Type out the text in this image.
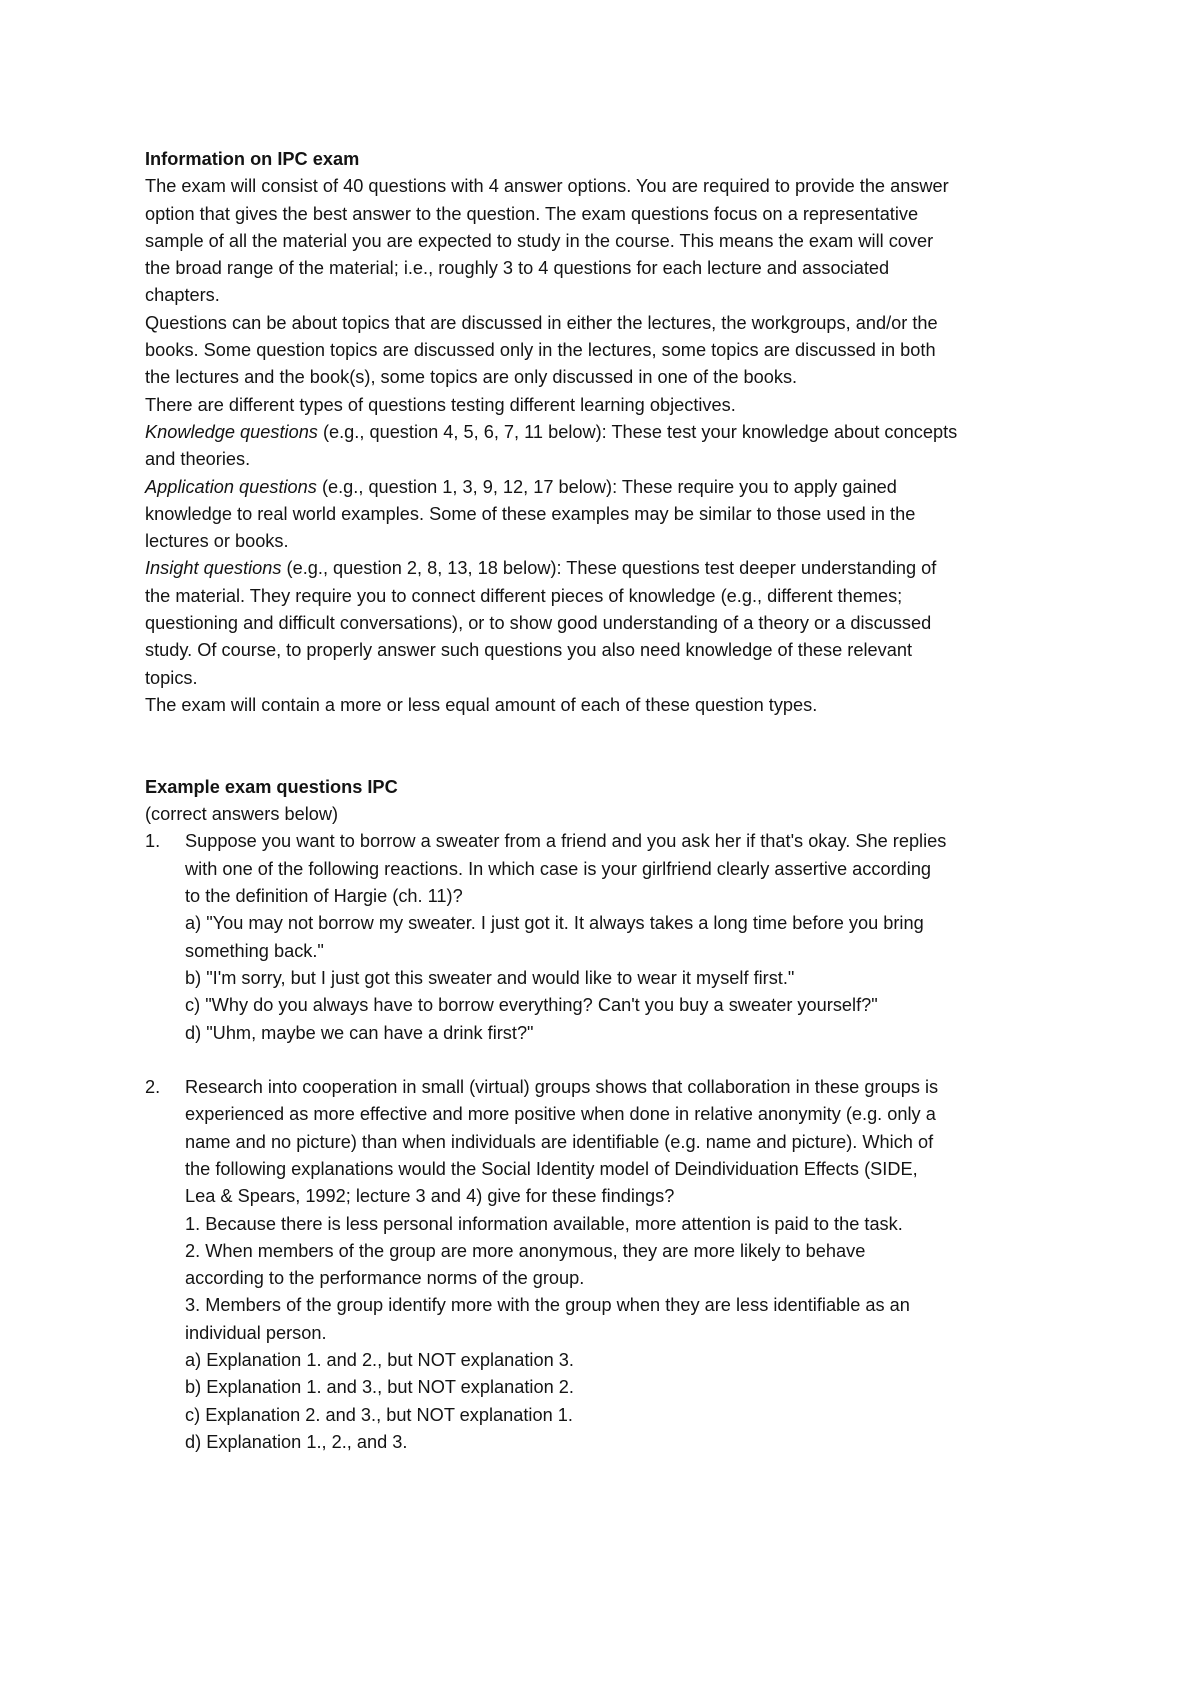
Information on IPC exam
The exam will consist of 40 questions with 4 answer options. You are required to provide the answer
option that gives the best answer to the question. The exam questions focus on a representative
sample of all the material you are expected to study in the course. This means the exam will cover
the broad range of the material; i.e., roughly 3 to 4 questions for each lecture and associated
chapters.
Questions can be about topics that are discussed in either the lectures, the workgroups, and/or the
books. Some question topics are discussed only in the lectures, some topics are discussed in both
the lectures and the book(s), some topics are only discussed in one of the books.
There are different types of questions testing different learning objectives.
Knowledge questions (e.g., question 4, 5, 6, 7, 11 below): These test your knowledge about concepts
and theories.
Application questions (e.g., question 1, 3, 9, 12, 17 below): These require you to apply gained
knowledge to real world examples. Some of these examples may be similar to those used in the
lectures or books.
Insight questions (e.g., question 2, 8, 13, 18 below): These questions test deeper understanding of
the material. They require you to connect different pieces of knowledge (e.g., different themes;
questioning and difficult conversations), or to show good understanding of a theory or a discussed
study. Of course, to properly answer such questions you also need knowledge of these relevant
topics.
The exam will contain a more or less equal amount of each of these question types.
Example exam questions IPC
(correct answers below)
1. Suppose you want to borrow a sweater from a friend and you ask her if that's okay. She replies
with one of the following reactions. In which case is your girlfriend clearly assertive according
to the definition of Hargie (ch. 11)?
a) "You may not borrow my sweater. I just got it. It always takes a long time before you bring
something back."
b) "I'm sorry, but I just got this sweater and would like to wear it myself first."
c) "Why do you always have to borrow everything? Can't you buy a sweater yourself?"
d) "Uhm, maybe we can have a drink first?"
2. Research into cooperation in small (virtual) groups shows that collaboration in these groups is
experienced as more effective and more positive when done in relative anonymity (e.g. only a
name and no picture) than when individuals are identifiable (e.g. name and picture). Which of
the following explanations would the Social Identity model of Deindividuation Effects (SIDE,
Lea & Spears, 1992; lecture 3 and 4) give for these findings?
1. Because there is less personal information available, more attention is paid to the task.
2. When members of the group are more anonymous, they are more likely to behave
according to the performance norms of the group.
3. Members of the group identify more with the group when they are less identifiable as an
individual person.
a) Explanation 1. and 2., but NOT explanation 3.
b) Explanation 1. and 3., but NOT explanation 2.
c) Explanation 2. and 3., but NOT explanation 1.
d) Explanation 1., 2., and 3.
